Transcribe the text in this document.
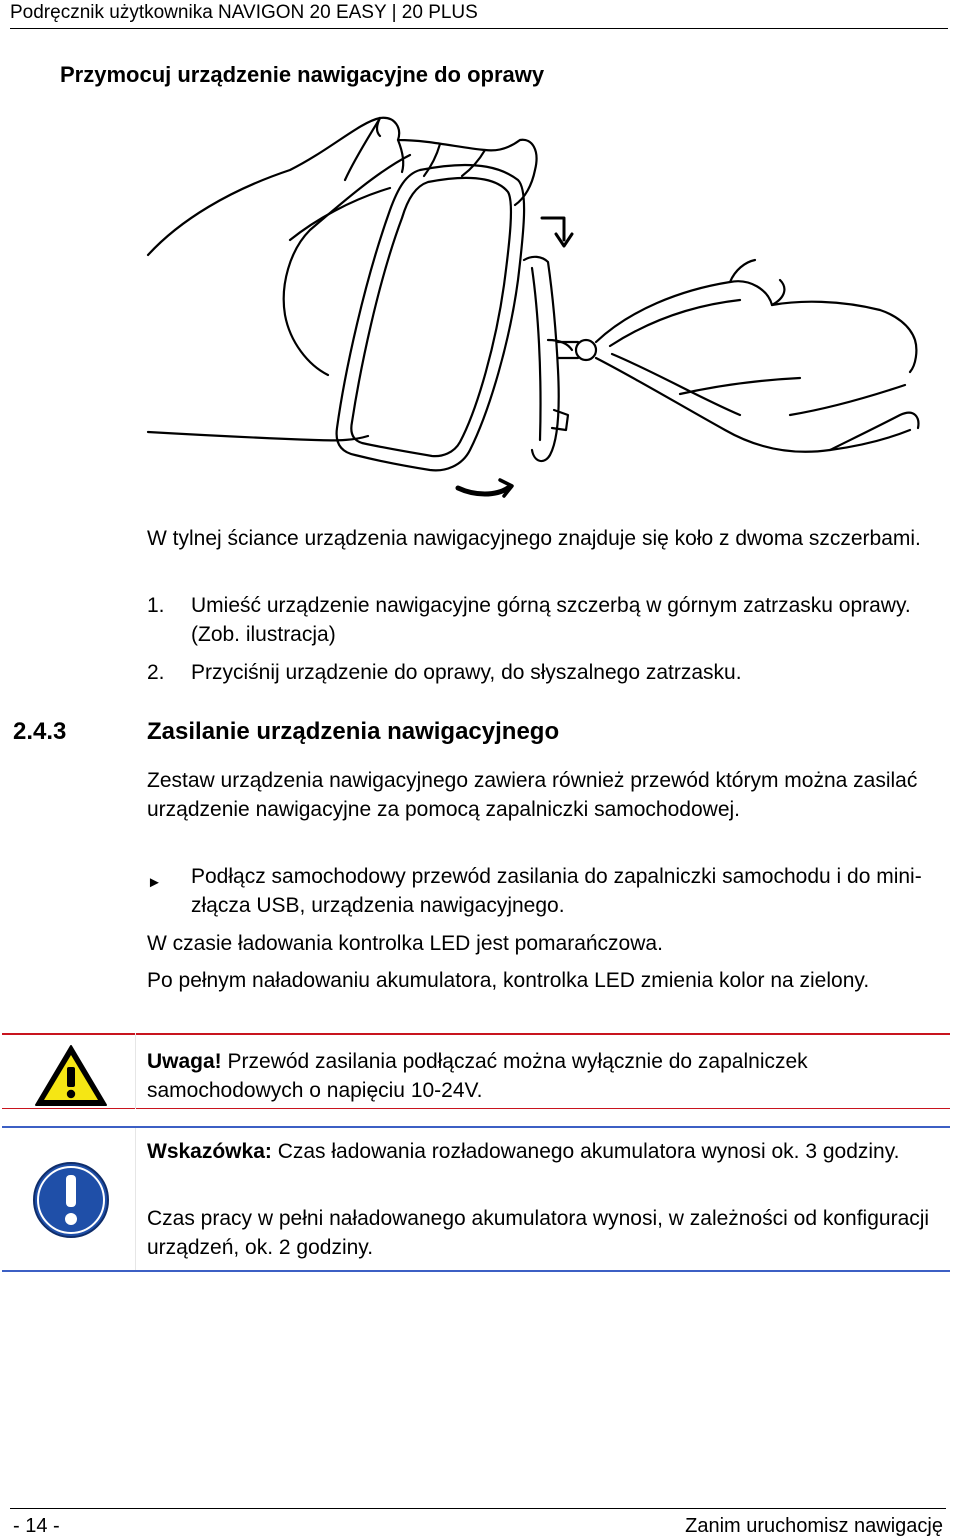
Podręcznik użytkownika NAVIGON 20 EASY | 20 PLUS
Przymocuj urządzenie nawigacyjne do oprawy
W tylnej ściance urządzenia nawigacyjnego znajduje się koło z dwoma szczerbami.
1. Umieść urządzenie nawigacyjne górną szczerbą w górnym zatrzasku oprawy. (Zob. ilustracja)
2. Przyciśnij urządzenie do oprawy, do słyszalnego zatrzasku.
2.4.3	Zasilanie urządzenia nawigacyjnego
Zestaw urządzenia nawigacyjnego zawiera również przewód którym można zasilać urządzenie nawigacyjne za pomocą zapalniczki samochodowej.
► Podłącz samochodowy przewód zasilania do zapalniczki samochodu i do mini-złącza USB, urządzenia nawigacyjnego.
W czasie ładowania kontrolka LED jest pomarańczowa.
Po pełnym naładowaniu akumulatora, kontrolka LED zmienia kolor na zielony.
Uwaga! Przewód zasilania podłączać można wyłącznie do zapalniczek samochodowych o napięciu 10-24V.
Wskazówka: Czas ładowania rozładowanego akumulatora wynosi ok. 3 godziny.
Czas pracy w pełni naładowanego akumulatora wynosi, w zależności od konfiguracji urządzeń, ok. 2 godziny.
- 14 -	Zanim uruchomisz nawigację
